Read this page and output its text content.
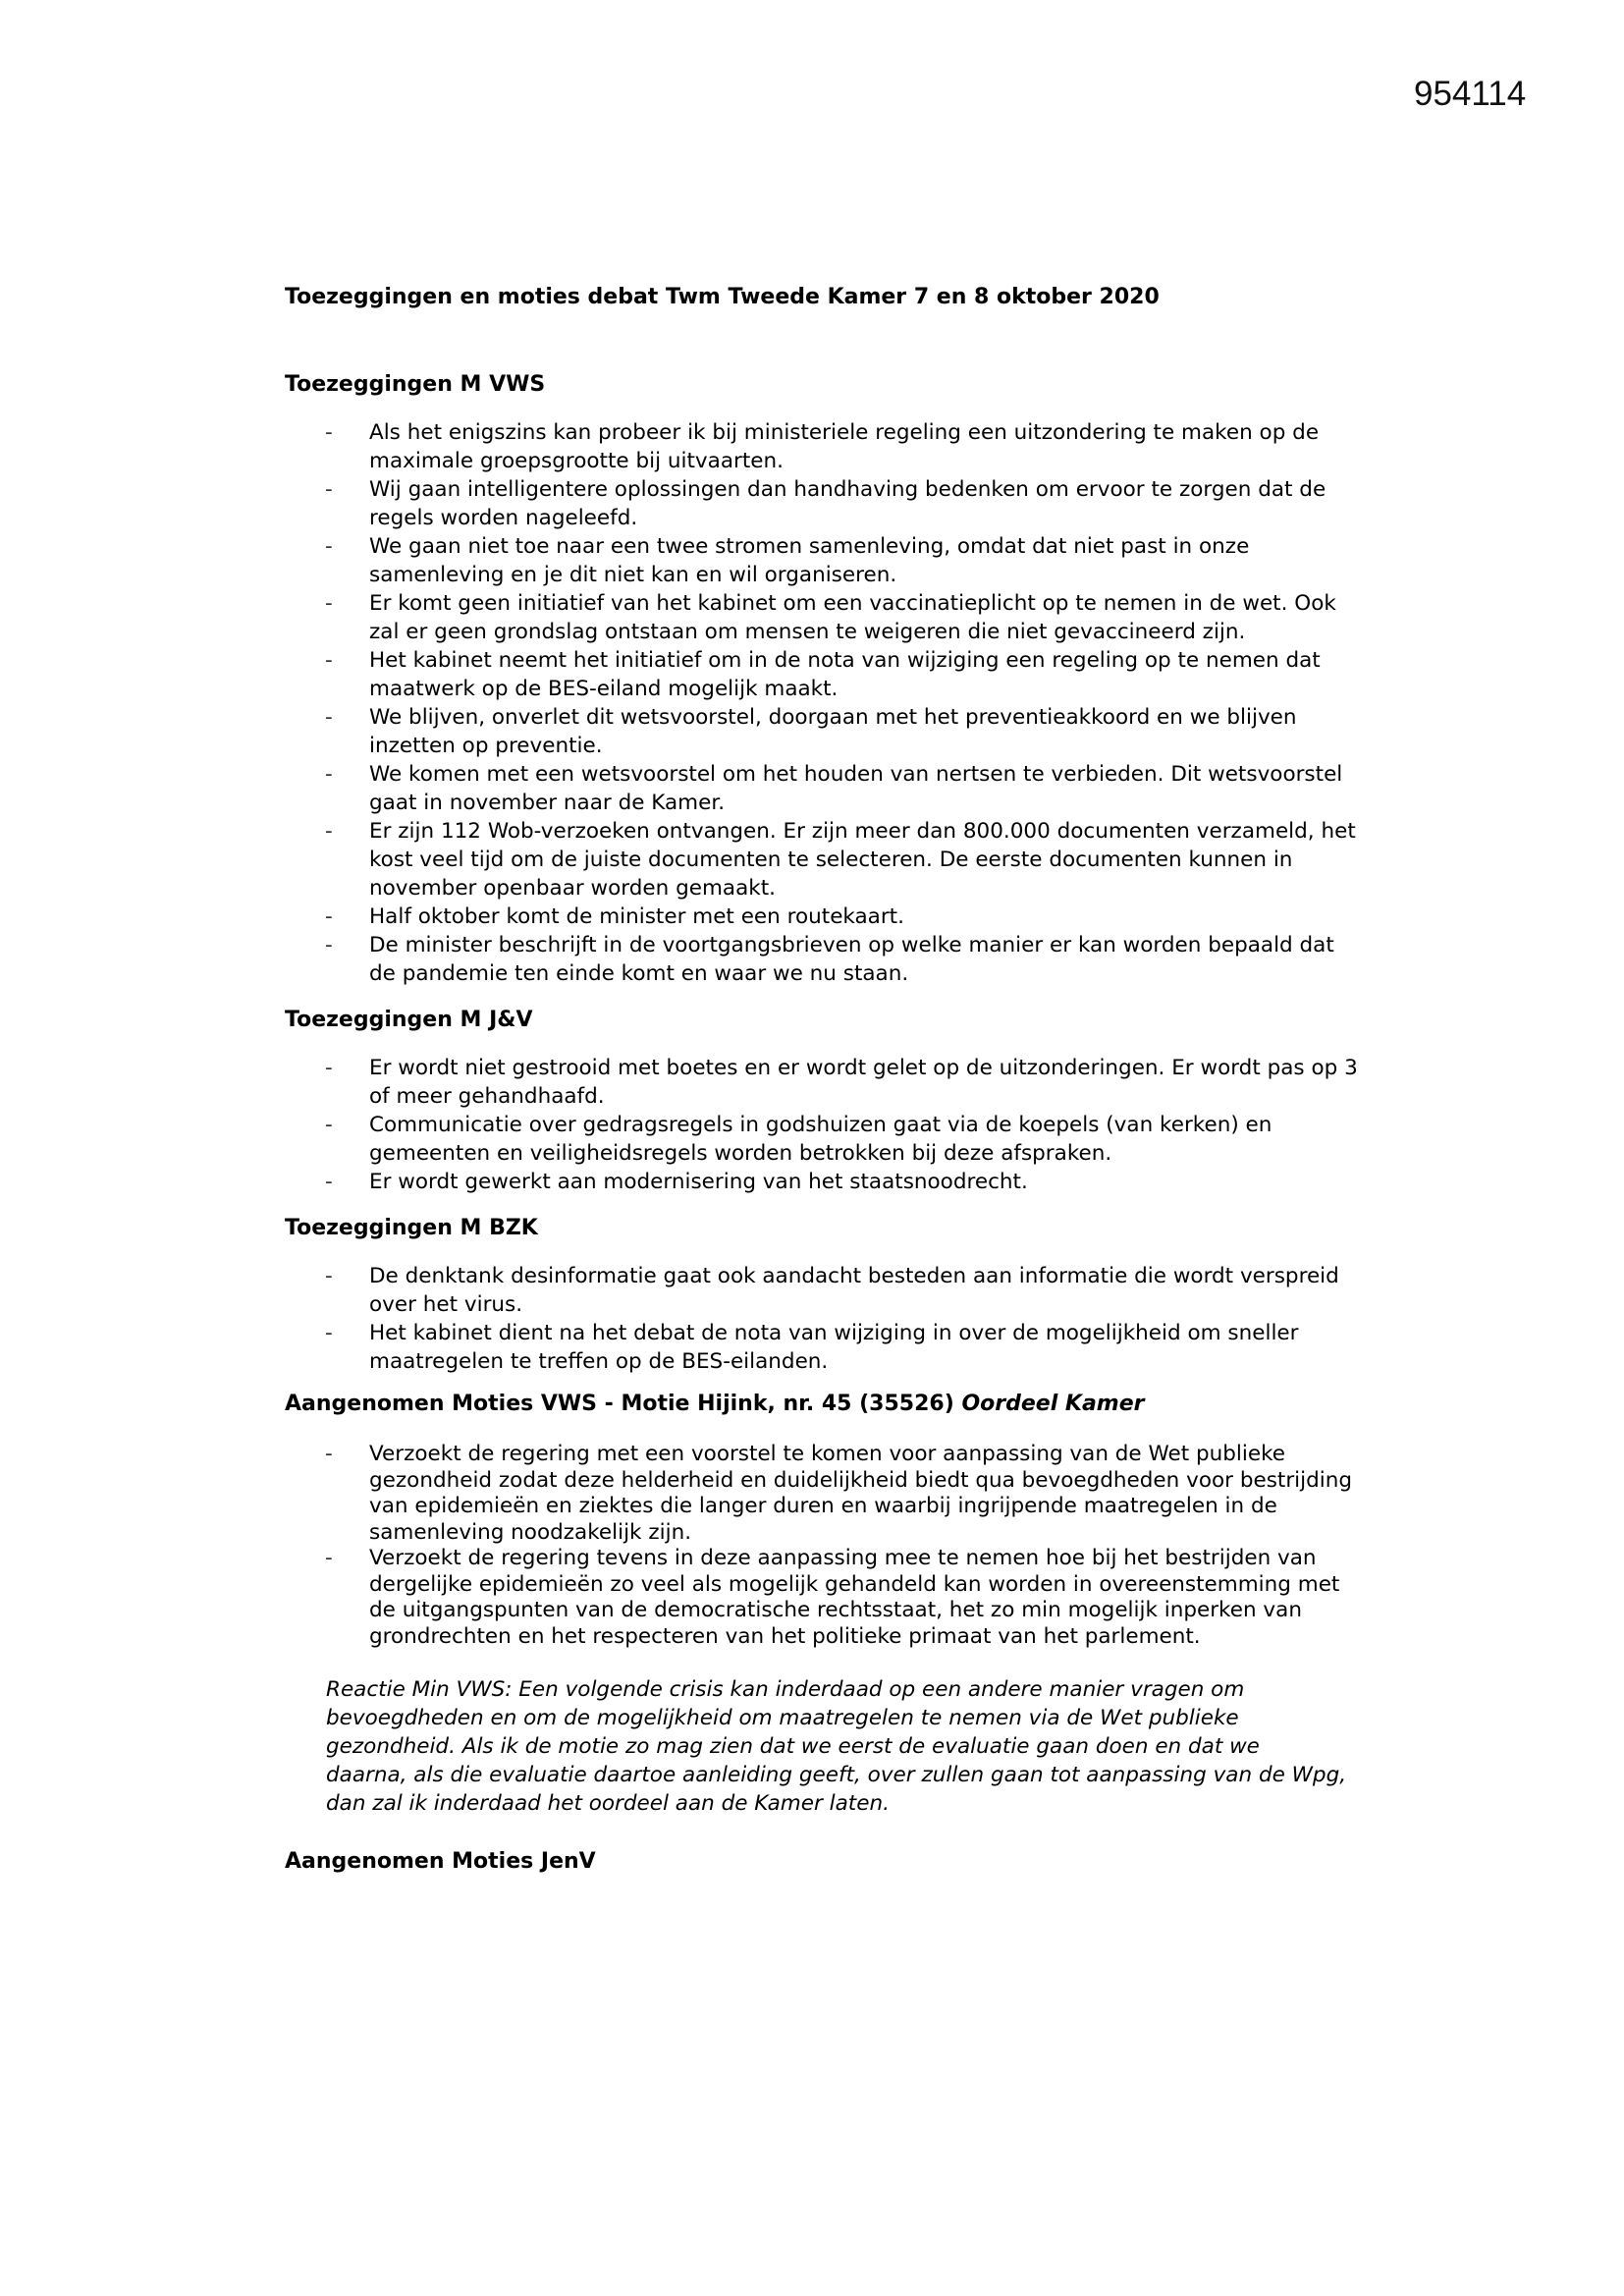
954114

Toezeggingen en moties debat Twm Tweede Kamer 7 en 8 oktober 2020

Toezeggingen M VWS

- Als het enigszins kan probeer ik bij ministeriele regeling een uitzondering te maken op de maximale groepsgrootte bij uitvaarten.
- Wij gaan intelligentere oplossingen dan handhaving bedenken om ervoor te zorgen dat de regels worden nageleefd.
- We gaan niet toe naar een twee stromen samenleving, omdat dat niet past in onze samenleving en je dit niet kan en wil organiseren.
- Er komt geen initiatief van het kabinet om een vaccinatieplicht op te nemen in de wet. Ook zal er geen grondslag ontstaan om mensen te weigeren die niet gevaccineerd zijn.
- Het kabinet neemt het initiatief om in de nota van wijziging een regeling op te nemen dat maatwerk op de BES-eiland mogelijk maakt.
- We blijven, onverlet dit wetsvoorstel, doorgaan met het preventieakkoord en we blijven inzetten op preventie.
- We komen met een wetsvoorstel om het houden van nertsen te verbieden. Dit wetsvoorstel gaat in november naar de Kamer.
- Er zijn 112 Wob-verzoeken ontvangen. Er zijn meer dan 800.000 documenten verzameld, het kost veel tijd om de juiste documenten te selecteren. De eerste documenten kunnen in november openbaar worden gemaakt.
- Half oktober komt de minister met een routekaart.
- De minister beschrijft in de voortgangsbrieven op welke manier er kan worden bepaald dat de pandemie ten einde komt en waar we nu staan.

Toezeggingen M J&V

- Er wordt niet gestrooid met boetes en er wordt gelet op de uitzonderingen. Er wordt pas op 3 of meer gehandhaafd.
- Communicatie over gedragsregels in godshuizen gaat via de koepels (van kerken) en gemeenten en veiligheidsregels worden betrokken bij deze afspraken.
- Er wordt gewerkt aan modernisering van het staatsnoodrecht.

Toezeggingen M BZK

- De denktank desinformatie gaat ook aandacht besteden aan informatie die wordt verspreid over het virus.
- Het kabinet dient na het debat de nota van wijziging in over de mogelijkheid om sneller maatregelen te treffen op de BES-eilanden.

Aangenomen Moties VWS - Motie Hijink, nr. 45 (35526) Oordeel Kamer

- Verzoekt de regering met een voorstel te komen voor aanpassing van de Wet publieke gezondheid zodat deze helderheid en duidelijkheid biedt qua bevoegdheden voor bestrijding van epidemieën en ziektes die langer duren en waarbij ingrijpende maatregelen in de samenleving noodzakelijk zijn.
- Verzoekt de regering tevens in deze aanpassing mee te nemen hoe bij het bestrijden van dergelijke epidemieën zo veel als mogelijk gehandeld kan worden in overeenstemming met de uitgangspunten van de democratische rechtsstaat, het zo min mogelijk inperken van grondrechten en het respecteren van het politieke primaat van het parlement.

Reactie Min VWS: Een volgende crisis kan inderdaad op een andere manier vragen om bevoegdheden en om de mogelijkheid om maatregelen te nemen via de Wet publieke gezondheid. Als ik de motie zo mag zien dat we eerst de evaluatie gaan doen en dat we daarna, als die evaluatie daartoe aanleiding geeft, over zullen gaan tot aanpassing van de Wpg, dan zal ik inderdaad het oordeel aan de Kamer laten.

Aangenomen Moties JenV
